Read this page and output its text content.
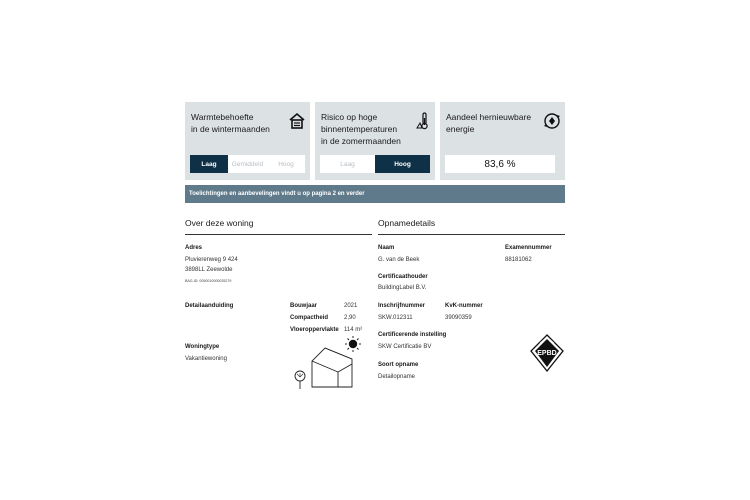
Warmtebehoefte
in de wintermaanden
Laag	Gemiddeld	Hoog
Risico op hoge
binnentemperaturen
in de zomermaanden
Laag	Hoog
Aandeel hernieuwbare
energie
83,6 %
Toelichtingen en aanbevelingen vindt u op pagina 2 en verder
Over deze woning
Adres
Pluvierenweg 9 424
3898LL Zeewolde
BAG-ID: 0050010000035279
Detailaanduiding	Bouwjaar	2021
Compactheid	2,90
Vloeroppervlakte 114 m²
Woningtype
Vakantiewoning
Opnamedetails
Naam
G. van de Beek
Examennummer
88181062
Certificaathouder
BuildingLabel B.V.
Inschrijfnummer
SKW.012311
KvK-nummer
39090359
Certificerende instelling
SKW Certificatie BV
Soort opname
Detailopname
EPBD
